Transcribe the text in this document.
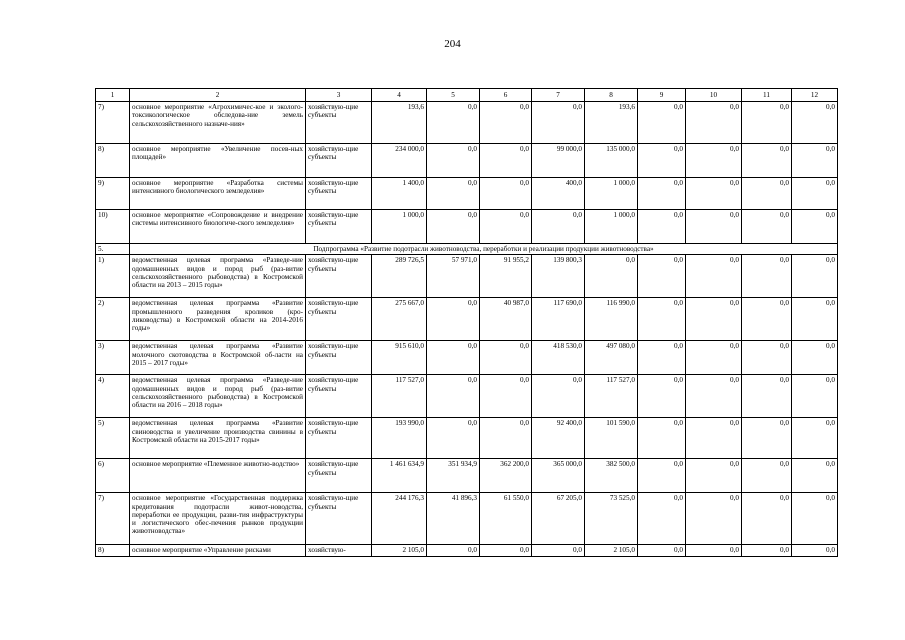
204
1	2	3	4	5	6	7	8	9	10	11	12
7)	основное мероприятие «Агрохимичес-кое и эколого-токсикологическое обследова-ние земель сельскохозяйственного назначе-ния»	хозяйствую-щие субъекты	193,6	0,0	0,0	0,0	193,6	0,0	0,0	0,0	0,0
8)	основное мероприятие «Увеличение посев-ных площадей»	хозяйствую-щие субъекты	234 000,0	0,0	0,0	99 000,0	135 000,0	0,0	0,0	0,0	0,0
9)	основное мероприятие «Разработка системы интенсивного биологического земледелия»	хозяйствую-щие субъекты	1 400,0	0,0	0,0	400,0	1 000,0	0,0	0,0	0,0	0,0
10)	основное мероприятие «Сопровождение и внедрение системы интенсивного биологиче-ского земледелия»	хозяйствую-щие субъекты	1 000,0	0,0	0,0	0,0	1 000,0	0,0	0,0	0,0	0,0
5.	Подпрограмма «Развитие подотрасли животноводства, переработки и реализации продукции животноводства»										
1)	ведомственная целевая программа «Разведе-ние одомашненных видов и пород рыб (раз-витие сельскохозяйственного рыбоводства) в Костромской области на 2013 – 2015 годы»	хозяйствую-щие субъекты	289 726,5	57 971,0	91 955,2	139 800,3	0,0	0,0	0,0	0,0	0,0
2)	ведомственная целевая программа «Развитие промышленного разведения кроликов (кро-лиководства) в Костромской области на 2014-2016 годы»	хозяйствую-щие субъекты	275 667,0	0,0	40 987,0	117 690,0	116 990,0	0,0	0,0	0,0	0,0
3)	ведомственная целевая программа «Развитие молочного скотоводства в Костромской об-ласти на 2015 – 2017 годы»	хозяйствую-щие субъекты	915 610,0	0,0	0,0	418 530,0	497 080,0	0,0	0,0	0,0	0,0
4)	ведомственная целевая программа «Разведе-ние одомашненных видов и пород рыб (раз-витие сельскохозяйственного рыбоводства) в Костромской области на 2016 – 2018 годы»	хозяйствую-щие субъекты	117 527,0	0,0	0,0	0,0	117 527,0	0,0	0,0	0,0	0,0
5)	ведомственная целевая программа «Развитие свиноводства и увеличение производства свинины в Костромской области на 2015-2017 годы»	хозяйствую-щие субъекты	193 990,0	0,0	0,0	92 400,0	101 590,0	0,0	0,0	0,0	0,0
6)	основное мероприятие «Племенное животно-водство»	хозяйствую-щие субъекты	1 461 634,9	351 934,9	362 200,0	365 000,0	382 500,0	0,0	0,0	0,0	0,0
7)	основное мероприятие «Государственная поддержка кредитования подотрасли живот-новодства, переработки ее продукции, разви-тия инфраструктуры и логистического обес-печения рынков продукции животноводства»	хозяйствую-щие субъекты	244 176,3	41 896,3	61 550,0	67 205,0	73 525,0	0,0	0,0	0,0	0,0
8)	основное мероприятие «Управление рисками	хозяйствую-	2 105,0	0,0	0,0	0,0	2 105,0	0,0	0,0	0,0	0,0
